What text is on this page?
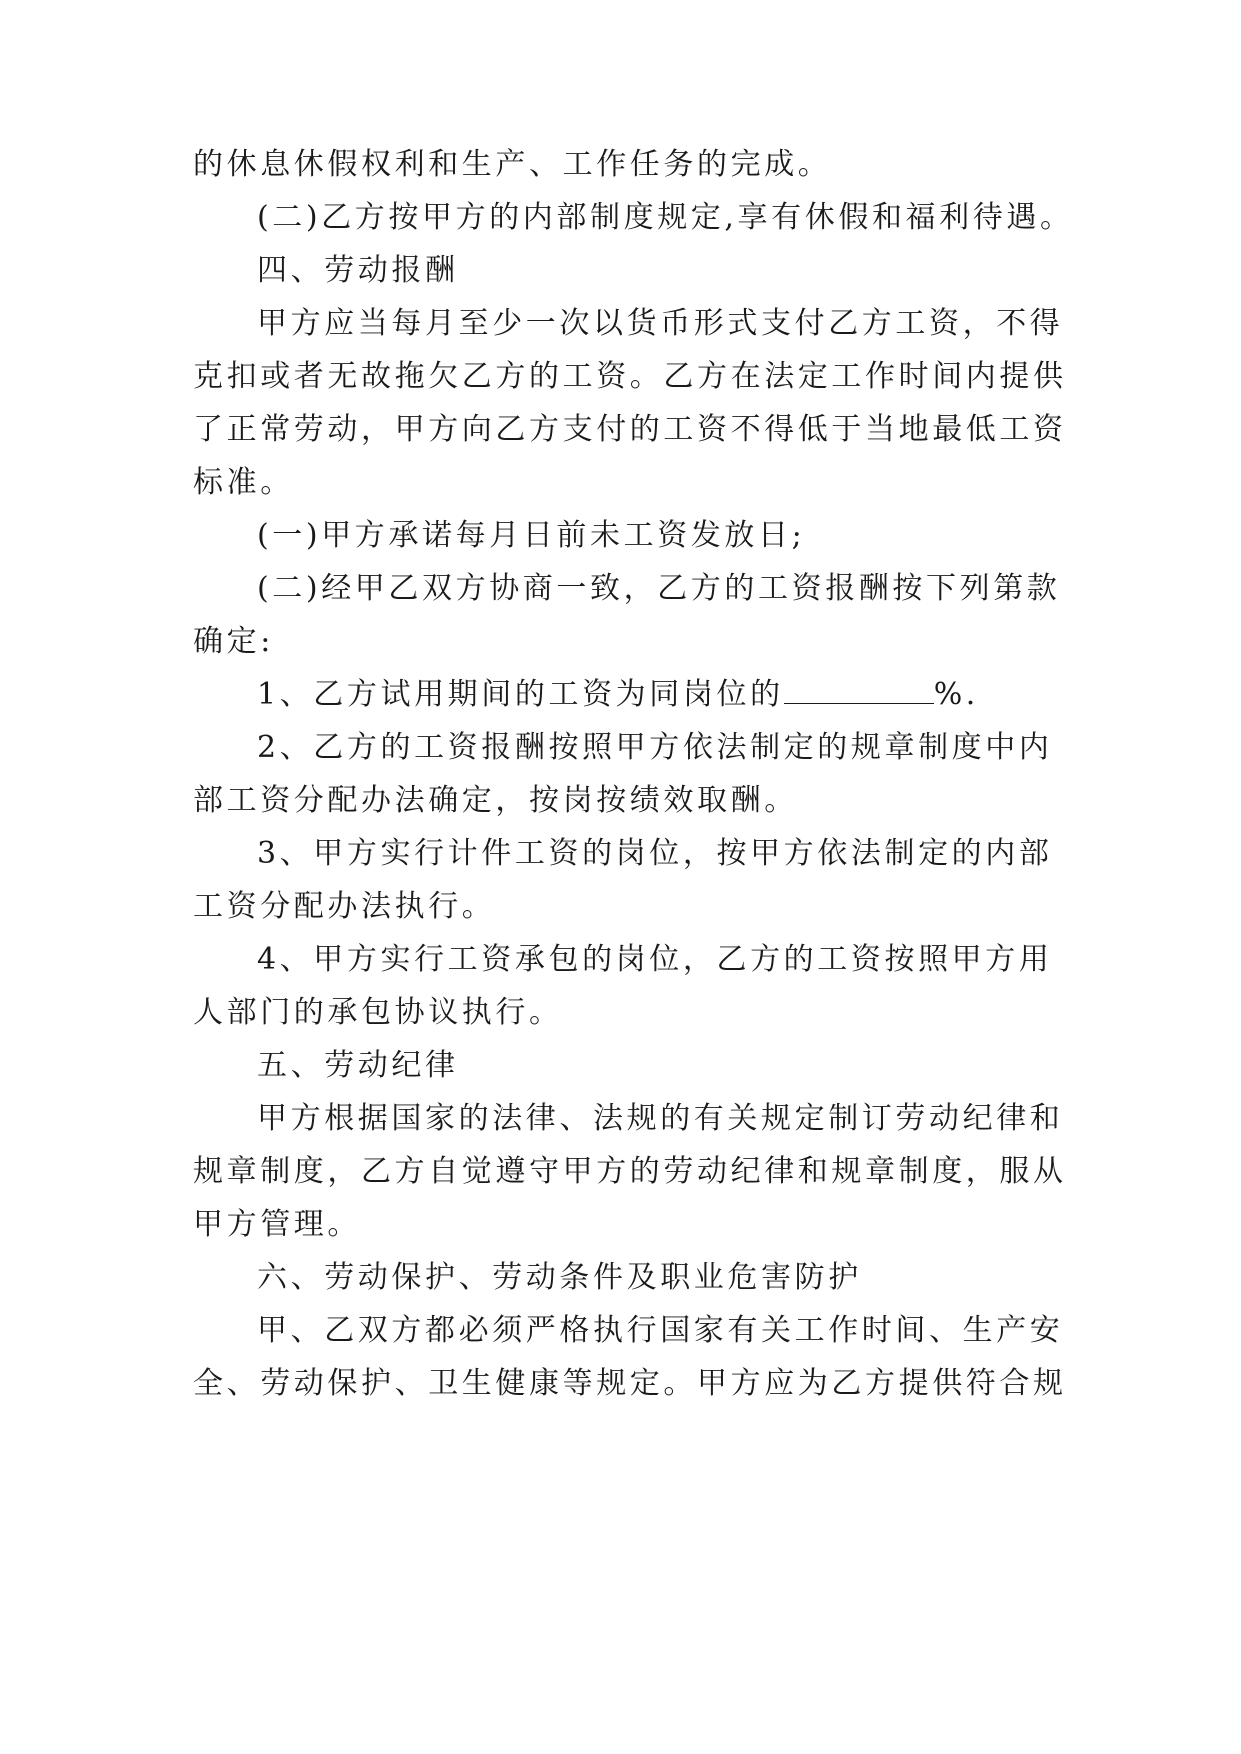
的休息休假权利和生产、工作任务的完成。
(二)乙方按甲方的内部制度规定,享有休假和福利待遇。
四、劳动报酬
甲方应当每月至少一次以货币形式支付乙方工资，不得
克扣或者无故拖欠乙方的工资。乙方在法定工作时间内提供
了正常劳动，甲方向乙方支付的工资不得低于当地最低工资
标准。
(一)甲方承诺每月日前未工资发放日;
(二)经甲乙双方协商一致，乙方的工资报酬按下列第款
确定:
1、乙方试用期间的工资为同岗位的	%.
2、乙方的工资报酬按照甲方依法制定的规章制度中内
部工资分配办法确定，按岗按绩效取酬。
3、甲方实行计件工资的岗位，按甲方依法制定的内部
工资分配办法执行。
4、甲方实行工资承包的岗位，乙方的工资按照甲方用
人部门的承包协议执行。
五、劳动纪律
甲方根据国家的法律、法规的有关规定制订劳动纪律和
规章制度，乙方自觉遵守甲方的劳动纪律和规章制度，服从
甲方管理。
六、劳动保护、劳动条件及职业危害防护
甲、乙双方都必须严格执行国家有关工作时间、生产安
全、劳动保护、卫生健康等规定。甲方应为乙方提供符合规
